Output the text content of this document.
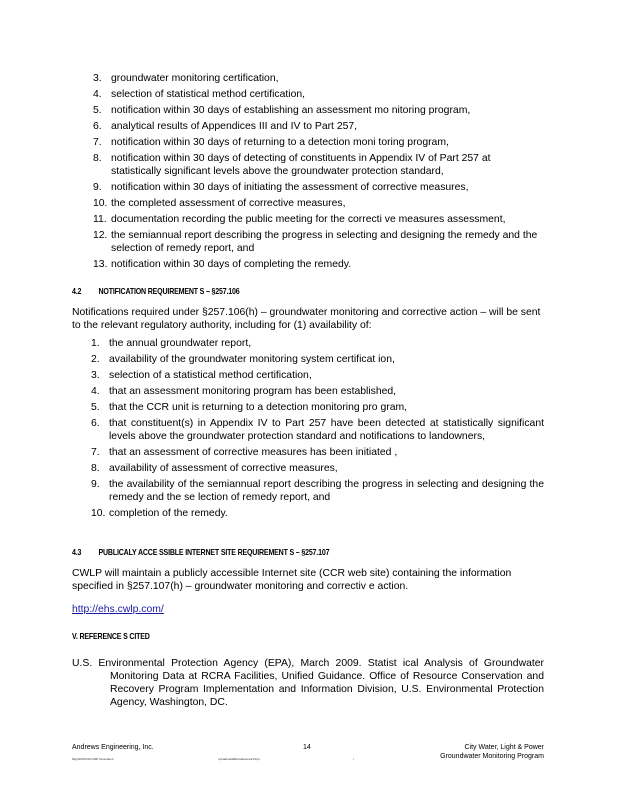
3. groundwater monitoring certification,
4. selection of statistical method certification,
5. notification within 30 days of establishing an assessment mo nitoring program,
6. analytical results of Appendices III and IV to Part 257,
7. notification within 30 days of returning to a detection moni toring program,
8. notification within 30 days of detecting of constituents in Appendix IV of Part 257 at statistically significant levels above the groundwater protection standard,
9. notification within 30 days of initiating the assessment of corrective measures,
10. the completed assessment of corrective measures,
11. documentation recording the public meeting for the correcti ve measures assessment,
12. the semiannual report describing the progress in selecting and designing the remedy and the selection of remedy report, and
13. notification within 30 days of completing the remedy.
4.2 NOTIFICATION REQUIREMENT S – §257.106
Notifications required under §257.106(h) – groundwater monitoring and corrective action – will be sent to the relevant regulatory authority, including for (1) availability of:
1. the annual groundwater report,
2. availability of the groundwater monitoring system certificat ion,
3. selection of a statistical method certification,
4. that an assessment monitoring program has been established,
5. that the CCR unit is returning to a detection monitoring pro gram,
6. that constituent(s) in Appendix IV to Part 257 have been detected at statistically significant levels above the groundwater protection standard and notifications to landowners,
7. that an assessment of corrective measures has been initiated ,
8. availability of assessment of corrective measures,
9. the availability of the semiannual report describing the progress in selecting and designing the remedy and the se lection of remedy report, and
10. completion of the remedy.
4.3 PUBLICALY ACCE SSIBLE INTERNET SITE REQUIREMENT S – §257.107
CWLP will maintain a publicly accessible Internet site (CCR web site) containing the information specified in §257.107(h) – groundwater monitoring and correctiv e action.
http://ehs.cwlp.com/
V. REFERENCE S CITED
U.S. Environmental Protection Agency (EPA), March 2009. Statist ical Analysis of Groundwater Monitoring Data at RCRA Facilities, Unified Guidance. Office of Resource Conservation and Recovery Program Implementation and Information Division, U.S. Environmental Protection Agency, Washington, DC.
Andrews Engineering, Inc.	14	City Water, Light & Power
Groundwater Monitoring Program
Mpg\\ROPs\Pro\RD Tenecalent	rpCaatrodaRDetodtoonetrvSrpt	i
